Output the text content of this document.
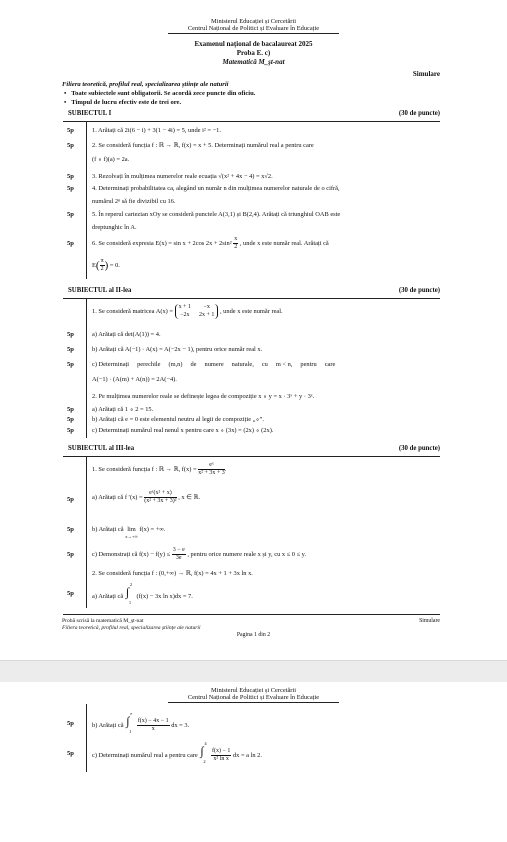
Ministerul Educației și Cercetării
Centrul Național de Politici și Evaluare în Educație
Examenul național de bacalaureat 2025
Proba E. c)
Matematică M_şt-nat
Simulare
Filiera teoretică, profilul real, specializarea științe ale naturii
•   Toate subiectele sunt obligatorii. Se acordă zece puncte din oficiu.
•   Timpul de lucru efectiv este de trei ore.
SUBIECTUL I	(30 de puncte)
5p	1. Arătați că 2i(6 − i) + 3(1 − 4i) = 5, unde i² = −1.
5p	2. Se consideră funcția f : ℝ → ℝ, f(x) = x + 5. Determinați numărul real a pentru care
(f ∘ f)(a) = 2a.
5p	3. Rezolvați în mulțimea numerelor reale ecuația √(x² + 4x − 4) = x√2.
5p	4. Determinați probabilitatea ca, alegând un număr n din mulțimea numerelor naturale de o cifră,
numărul 2ⁿ să fie divizibil cu 16.
5p	5. În reperul cartezian xOy se consideră punctele A(3,1) și B(2,4). Arătați că triunghiul OAB este
dreptunghic în A.
5p	6. Se consideră expresia E(x) = sin x + 2cos $2x + 2\sin^2 \frac{x}{2}$ , unde x este număr real. Arătați că
$E( \frac{\pi}{2}$ ) = 0.
SUBIECTUL al II-lea	(30 de puncte)
1. Se consideră matricea A(x) =
x + 1	−x
−2x 2x + 1
, unde x este număr real.
5p	a) Arătați că det(A(1)) = 4.
5p	b) Arătați că A(−1) · A(x) = A(−2x − 1), pentru orice număr real x.
5p	c) Determinați     perechile     (m,n)     de     numere     naturale,     cu     m < n,     pentru     care
A(−1) · (A(m) + A(n)) = 2A(−4).
2. Pe mulțimea numerelor reale se definește legea de compoziție x ∘ y = x · 3ʸ + y · 3ˣ.
5p	a) Arătați că 1 ∘ 2 = 15.
5p	b) Arătați că e = 0 este elementul neutru al legii de compoziție „∘”.
5p	c) Determinați numărul real nenul x pentru care x ∘ (3x) = (2x) ∘ (2x).
SUBIECTUL al III-lea	(30 de puncte)
1. Se consideră funcția f : ℝ → ℝ, $f(x) = \frac{\text{eˣ}}{\text{x² + 3x + 3}}$ .
5p	a) Arătați că f $'(x) = \frac{\text{eˣ(x² + x)}}{\text{(x² + 3x + 3)²}}$ , x ∈ ℝ.
5p	b) Arătați că lim
x→+∞
f(x) = +∞.
5p	c) Demonstrați că $f(x) - f(y) \le \frac{3 - e}{3e}$ , pentru orice numere reale x și y, cu x ≤ 0 ≤ y.
2. Se consideră funcția f : (0,+∞) → ℝ, f(x) = 4x + 1 + 3x ln x.
5p	a) Arătați că ∫
2
1
(f(x) − 3x ln x)dx = 7.
Probă scrisă la matematică M_şt-nat
Filiera teoretică, profilul real, specializarea științe ale naturii
Simulare
Pagina 1 din 2
Ministerul Educației și Cercetării
Centrul Național de Politici și Evaluare în Educație
5p	b) Arătați că ∫
e
1
$\frac{f(x) - 4x - 1}{x}$ dx = 3.
5p	c) Determinați numărul real a pentru care ∫
4
2
$\frac{f(x) - 1}{\text{x² ln x}}$ dx = a ln 2.
